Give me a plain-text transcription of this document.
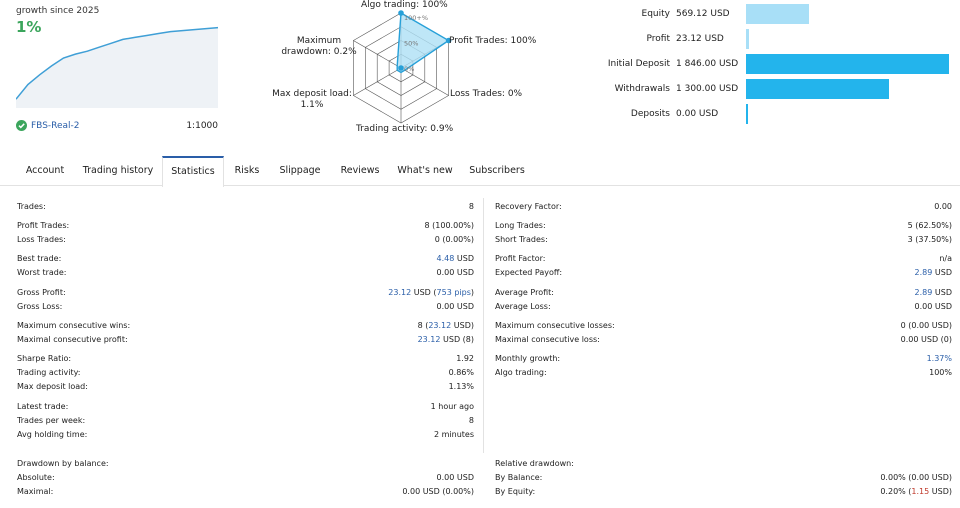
growth since 2025
1%
FBS-Real-2	1:1000
100+%
50%
0%
Algo trading: 100%
Profit Trades: 100%
Loss Trades: 0%
Trading activity: 0.9%
Max deposit load:
1.1%
Maximum
drawdown: 0.2%
Equity 569.12 USD
Profit 23.12 USD
Initial Deposit 1 846.00 USD
Withdrawals 1 300.00 USD
Deposits 0.00 USD
Account	Trading history	Statistics	Risks	Slippage	Reviews	What's new	Subscribers
Trades:	8
Profit Trades:	8 (100.00%)
Loss Trades:	0 (0.00%)
Best trade:	4.48 USD
Worst trade:	0.00 USD
Gross Profit:	23.12 USD (753 pips)
Gross Loss:	0.00 USD
Maximum consecutive wins:	8 (23.12 USD)
Maximal consecutive profit:	23.12 USD (8)
Sharpe Ratio:	1.92
Trading activity:	0.86%
Max deposit load:	1.13%
Latest trade:	1 hour ago
Trades per week:	8
Avg holding time:	2 minutes
Recovery Factor:	0.00
Long Trades:	5 (62.50%)
Short Trades:	3 (37.50%)
Profit Factor:	n/a
Expected Payoff:	2.89 USD
Average Profit:	2.89 USD
Average Loss:	0.00 USD
Maximum consecutive losses:	0 (0.00 USD)
Maximal consecutive loss:	0.00 USD (0)
Monthly growth:	1.37%
Algo trading:	100%
Drawdown by balance:
Absolute:	0.00 USD
Maximal:	0.00 USD (0.00%)
Relative drawdown:
By Balance:	0.00% (0.00 USD)
By Equity:	0.20% (1.15 USD)
